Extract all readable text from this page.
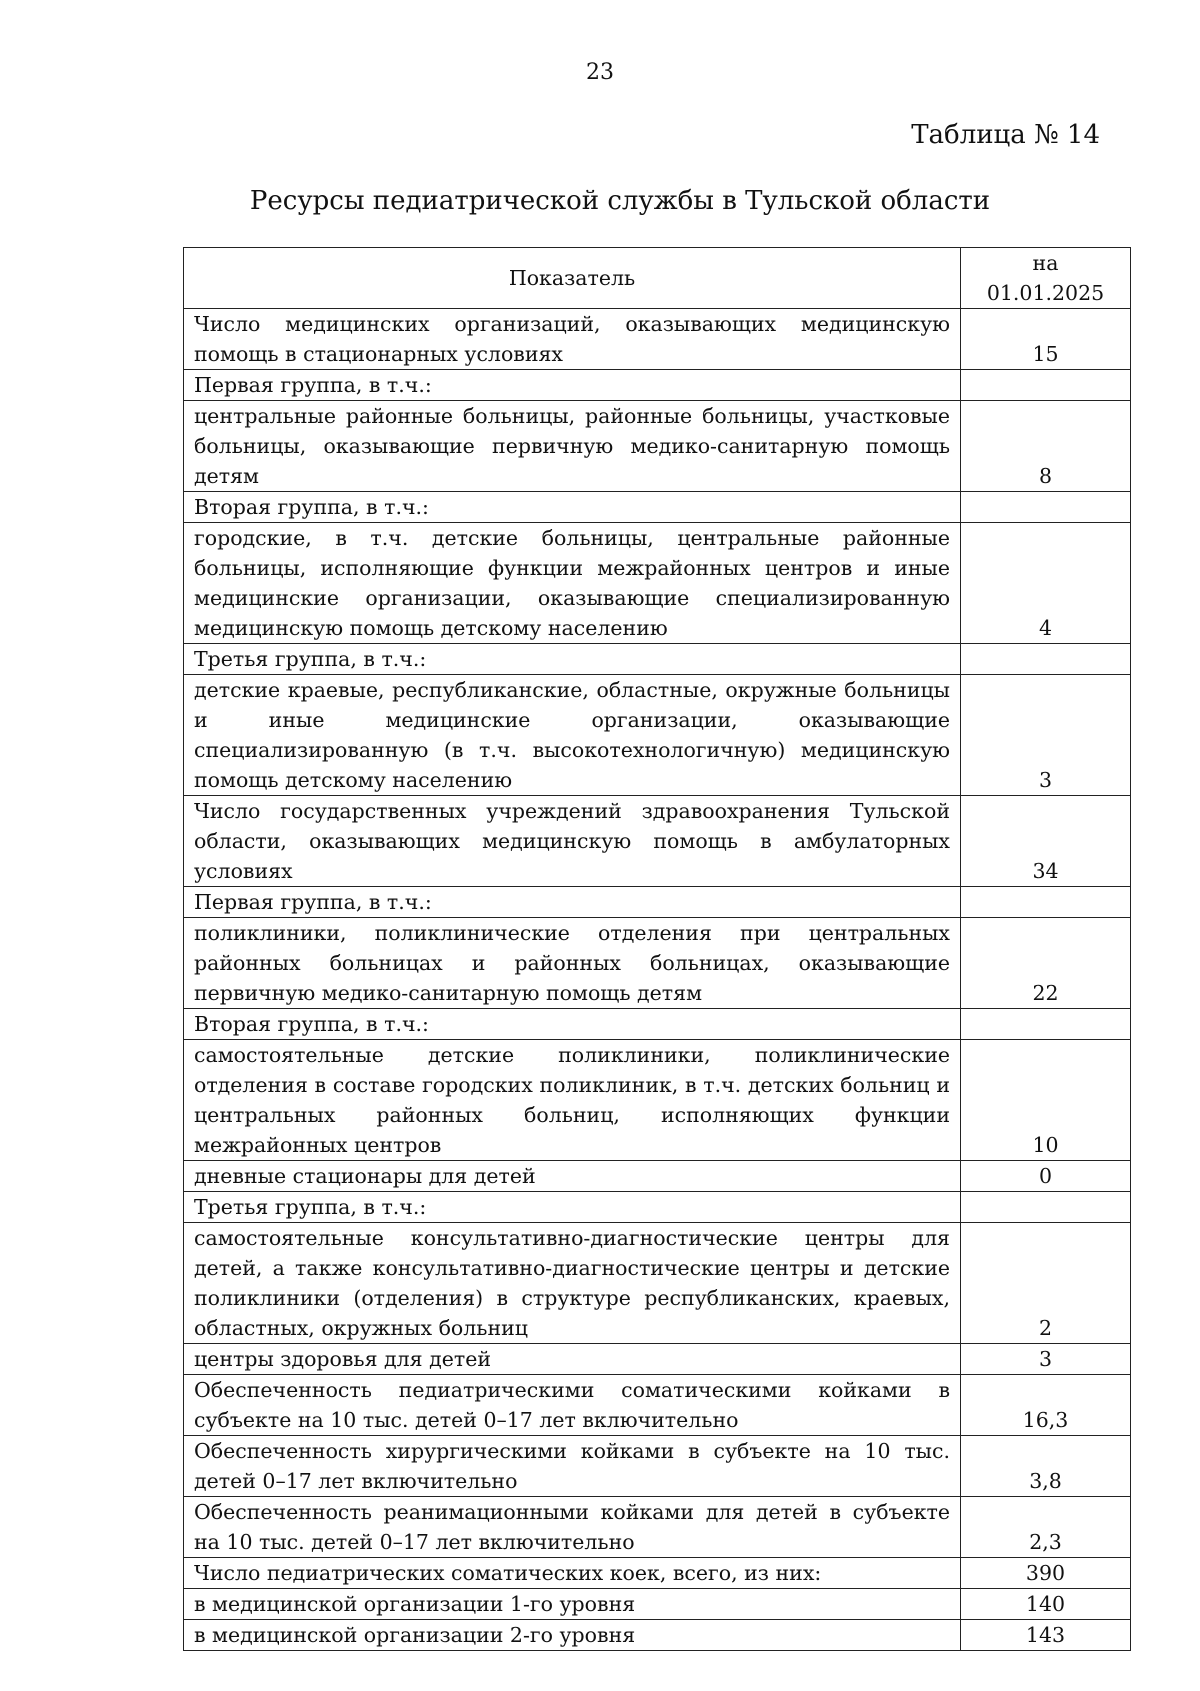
23
Таблица № 14
Ресурсы педиатрической службы в Тульской области
Показатель	на 01.01.2025
Число медицинских организаций, оказывающих медицинскую помощь в стационарных условиях	15
Первая группа, в т.ч.:	
центральные районные больницы, районные больницы, участковые больницы, оказывающие первичную медико-санитарную помощь детям	8
Вторая группа, в т.ч.:	
городские, в т.ч. детские больницы, центральные районные больницы, исполняющие функции межрайонных центров и иные медицинские организации, оказывающие специализированную медицинскую помощь детскому населению	4
Третья группа, в т.ч.:	
детские краевые, республиканские, областные, окружные больницы и иные медицинские организации, оказывающие специализированную (в т.ч. высокотехнологичную) медицинскую помощь детскому населению	3
Число государственных учреждений здравоохранения Тульской области, оказывающих медицинскую помощь в амбулаторных условиях	34
Первая группа, в т.ч.:	
поликлиники, поликлинические отделения при центральных районных больницах и районных больницах, оказывающие первичную медико-санитарную помощь детям	22
Вторая группа, в т.ч.:	
самостоятельные детские поликлиники, поликлинические отделения в составе городских поликлиник, в т.ч. детских больниц и центральных районных больниц, исполняющих функции межрайонных центров	10
дневные стационары для детей	0
Третья группа, в т.ч.:	
самостоятельные консультативно-диагностические центры для детей, а также консультативно-диагностические центры и детские поликлиники (отделения) в структуре республиканских, краевых, областных, окружных больниц	2
центры здоровья для детей	3
Обеспеченность педиатрическими соматическими койками в субъекте на 10 тыс. детей 0–17 лет включительно	16,3
Обеспеченность хирургическими койками в субъекте на 10 тыс. детей 0–17 лет включительно	3,8
Обеспеченность реанимационными койками для детей в субъекте на 10 тыс. детей 0–17 лет включительно	2,3
Число педиатрических соматических коек, всего, из них:	390
в медицинской организации 1-го уровня	140
в медицинской организации 2-го уровня	143
